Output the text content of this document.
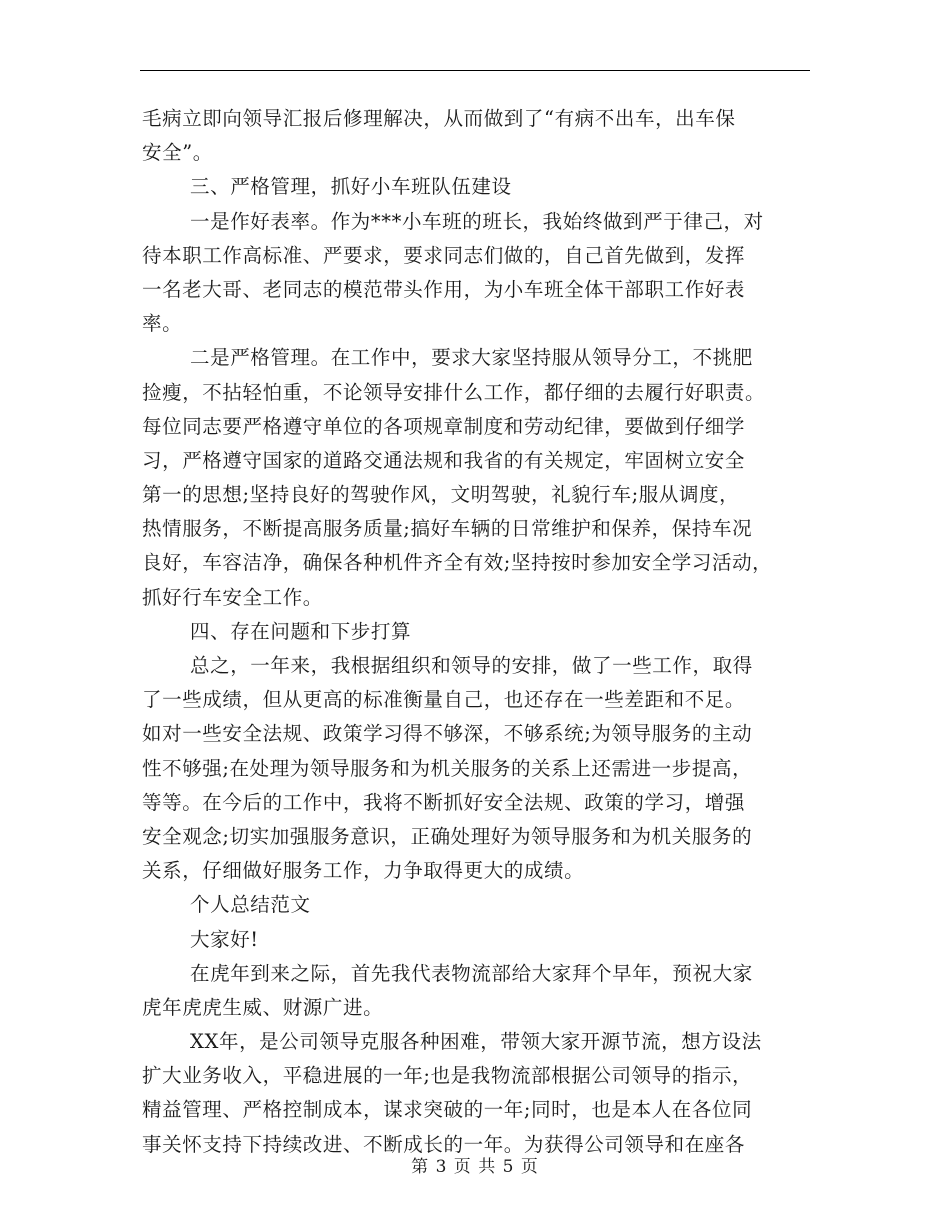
毛病立即向领导汇报后修理解决，从而做到了“有病不出车，出车保
安全”。
三、严格管理，抓好小车班队伍建设
一是作好表率。作为***小车班的班长，我始终做到严于律己，对
待本职工作高标准、严要求，要求同志们做的，自己首先做到，发挥
一名老大哥、老同志的模范带头作用，为小车班全体干部职工作好表
率。
二是严格管理。在工作中，要求大家坚持服从领导分工，不挑肥
捡瘦，不拈轻怕重，不论领导安排什么工作，都仔细的去履行好职责。
每位同志要严格遵守单位的各项规章制度和劳动纪律，要做到仔细学
习，严格遵守国家的道路交通法规和我省的有关规定，牢固树立安全
第一的思想;坚持良好的驾驶作风，文明驾驶，礼貌行车;服从调度，
热情服务，不断提高服务质量;搞好车辆的日常维护和保养，保持车况
良好，车容洁净，确保各种机件齐全有效;坚持按时参加安全学习活动，
抓好行车安全工作。
四、存在问题和下步打算
总之，一年来，我根据组织和领导的安排，做了一些工作，取得
了一些成绩，但从更高的标准衡量自己，也还存在一些差距和不足。
如对一些安全法规、政策学习得不够深，不够系统;为领导服务的主动
性不够强;在处理为领导服务和为机关服务的关系上还需进一步提高，
等等。在今后的工作中，我将不断抓好安全法规、政策的学习，增强
安全观念;切实加强服务意识，正确处理好为领导服务和为机关服务的
关系，仔细做好服务工作，力争取得更大的成绩。
个人总结范文
大家好!
在虎年到来之际，首先我代表物流部给大家拜个早年，预祝大家
虎年虎虎生威、财源广进。
XX年，是公司领导克服各种困难，带领大家开源节流，想方设法
扩大业务收入，平稳进展的一年;也是我物流部根据公司领导的指示，
精益管理、严格控制成本，谋求突破的一年;同时，也是本人在各位同
事关怀支持下持续改进、不断成长的一年。为获得公司领导和在座各
第 3 页 共 5 页
